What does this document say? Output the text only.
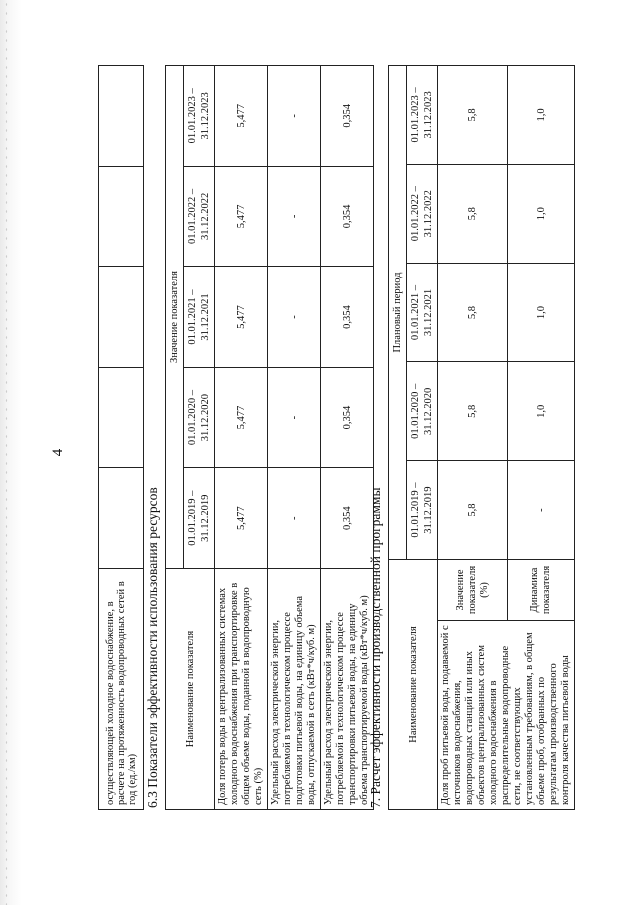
4
осуществляющей холодное водоснабжение, в расчете на протяженность водопроводных сетей в год (ед./км)					6.3 Показатели эффективности использования ресурсов Наименование показателя	Значение показателя				
	01.01.2019 – 31.12.2019	01.01.2020 – 31.12.2020	01.01.2021 – 31.12.2021	01.01.2022 – 31.12.2022	01.01.2023 – 31.12.2023
Доля потерь воды в централизованных системах холодного водоснабжения при транспортировке в общем объеме воды, поданной в водопроводную сеть (%)	5,477	5,477	5,477	5,477	5,477
Удельный расход электрической энергии, потребляемой в технологическом процессе подготовки питьевой воды, на единицу объема воды, отпускаемой в сеть (кВт*ч/куб. м)	-	-	-	-	-
Удельный расход электрической энергии, потребляемой в технологическом процессе транспортировки питьевой воды, на единицу объема транспортируемой воды (кВт*ч/куб. м)	0,354	0,354	0,354	0,354	0,354
7. Расчет эффективности производственной программы Наименование показателя		Плановый период				
		01.01.2019 – 31.12.2019	01.01.2020 – 31.12.2020	01.01.2021 – 31.12.2021	01.01.2022 – 31.12.2022	01.01.2023 – 31.12.2023
Доля проб питьевой воды, подаваемой с источников водоснабжения, водопроводных станций или иных объектов централизованных систем холодного водоснабжения в распределительные водопроводные сети, не соответствующих установленным требованиям, в общем объеме проб, отобранных по результатам производственного контроля качества питьевой воды	Значение показателя (%)	5,8	5,8	5,8	5,8	5,8
	Динамика показателя	-	1,0	1,0	1,0	1,0
